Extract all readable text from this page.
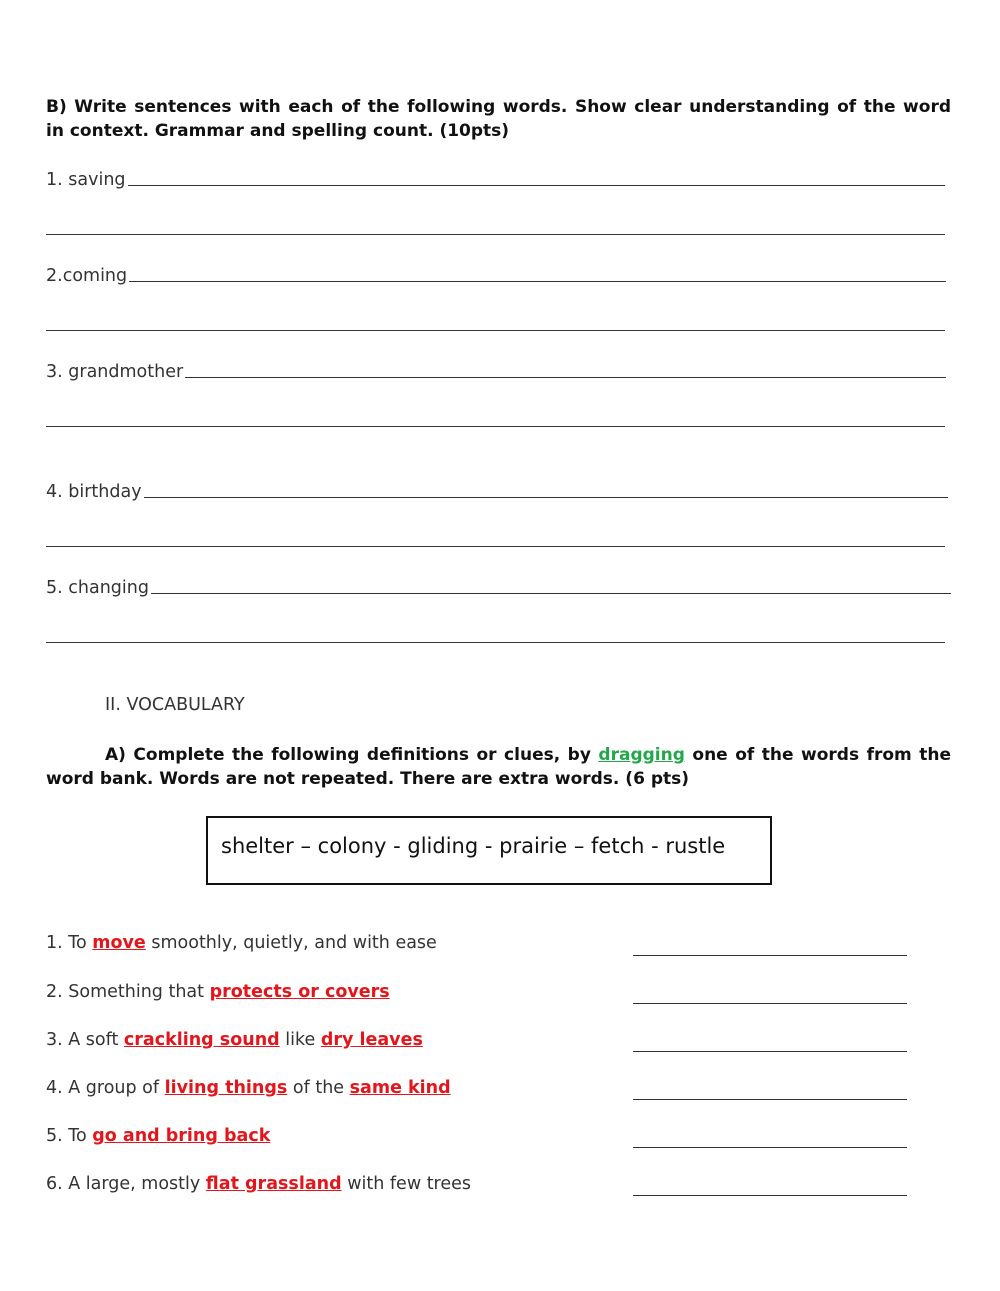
B) Write sentences with each of the following words. Show clear understanding of the word in context. Grammar and spelling count. (10pts)
1. saving
2.coming
3. grandmother
4. birthday
5. changing
II. VOCABULARY
A) Complete the following definitions or clues, by dragging one of the words from the word bank. Words are not repeated. There are extra words. (6 pts)
shelter – colony - gliding - prairie – fetch - rustle
1. To move smoothly, quietly, and with ease
2. Something that protects or covers
3. A soft crackling sound like dry leaves
4. A group of living things of the same kind
5. To go and bring back
6. A large, mostly flat grassland with few trees
